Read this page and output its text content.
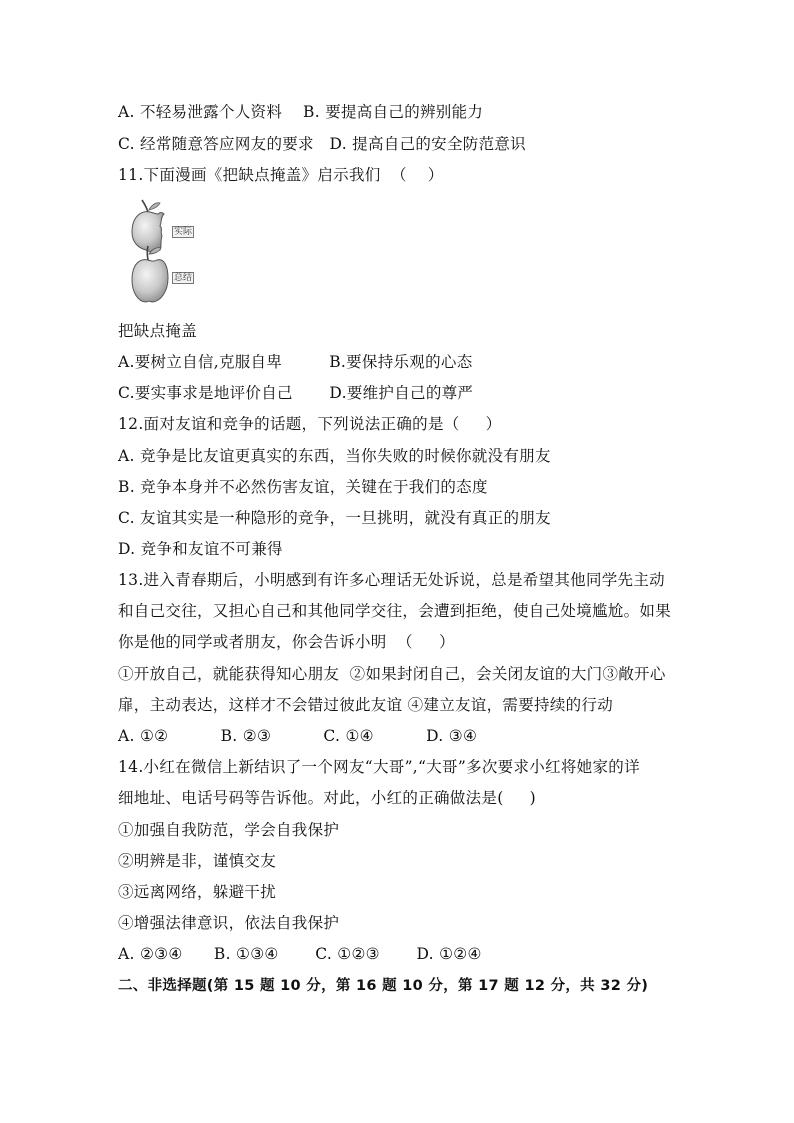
A. 不轻易泄露个人资料    B. 要提高自己的辨别能力
C. 经常随意答应网友的要求   D. 提高自己的安全防范意识
11.下面漫画《把缺点掩盖》启示我们  （    ）
实际
总结
把缺点掩盖
A.要树立自信,克服自卑         B.要保持乐观的心态
C.要实事求是地评价自己       D.要维护自己的尊严
12.面对友谊和竞争的话题，下列说法正确的是（     ）
A. 竞争是比友谊更真实的东西，当你失败的时候你就没有朋友
B. 竞争本身并不必然伤害友谊，关键在于我们的态度
C. 友谊其实是一种隐形的竞争，一旦挑明，就没有真正的朋友
D. 竞争和友谊不可兼得
13.进入青春期后，小明感到有许多心理话无处诉说，总是希望其他同学先主动
和自己交往，又担心自己和其他同学交往，会遭到拒绝，使自己处境尴尬。如果
你是他的同学或者朋友，你会告诉小明  （     ）
①开放自己，就能获得知心朋友  ②如果封闭自己，会关闭友谊的大门③敞开心
扉，主动表达，这样才不会错过彼此友谊 ④建立友谊，需要持续的行动
A. ①②          B. ②③          C. ①④          D. ③④
14.小红在微信上新结识了一个网友“大哥”,“大哥”多次要求小红将她家的详
细地址、电话号码等告诉他。对此，小红的正确做法是(     )
①加强自我防范，学会自我保护
②明辨是非，谨慎交友
③远离网络，躲避干扰
④增强法律意识，依法自我保护
A. ②③④      B. ①③④       C. ①②③       D. ①②④
二、非选择题(第 15 题 10 分，第 16 题 10 分，第 17 题 12 分，共 32 分)
